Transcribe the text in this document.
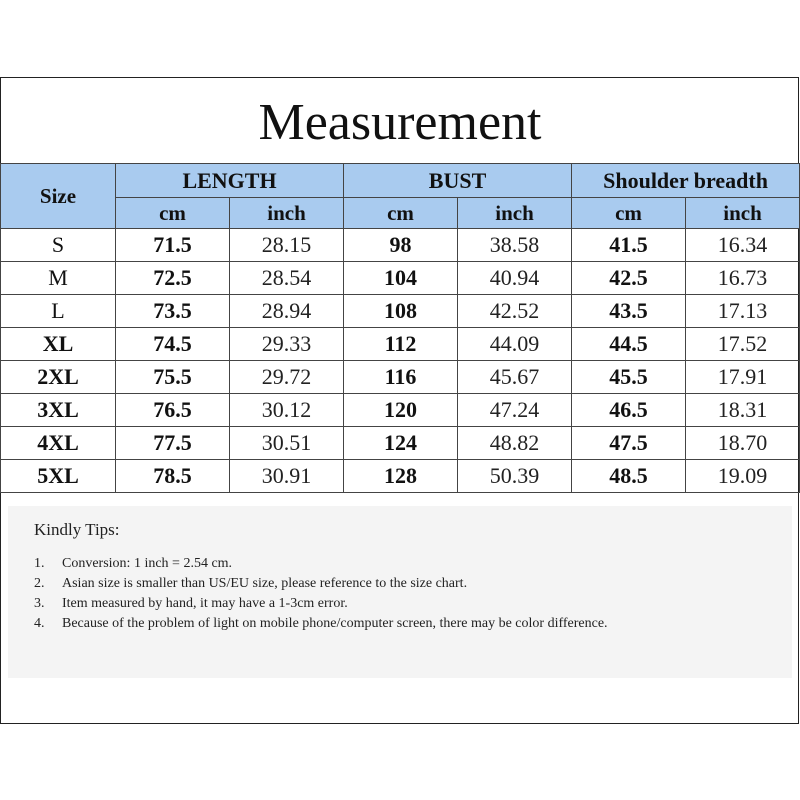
Measurement
Size	LENGTH		BUST		Shoulder breadth	
	cm	inch	cm	inch	cm	inch
S	71.5	28.15	98	38.58	41.5	16.34
M	72.5	28.54	104	40.94	42.5	16.73
L	73.5	28.94	108	42.52	43.5	17.13
XL	74.5	29.33	112	44.09	44.5	17.52
2XL	75.5	29.72	116	45.67	45.5	17.91
3XL	76.5	30.12	120	47.24	46.5	18.31
4XL	77.5	30.51	124	48.82	47.5	18.70
5XL	78.5	30.91	128	50.39	48.5	19.09
Kindly Tips:
1.	Conversion: 1 inch = 2.54 cm.
2.	Asian size is smaller than US/EU size, please reference to the size chart.
3.	Item measured by hand, it may have a 1-3cm error.
4.	Because of the problem of light on mobile phone/computer screen, there may be color difference.
